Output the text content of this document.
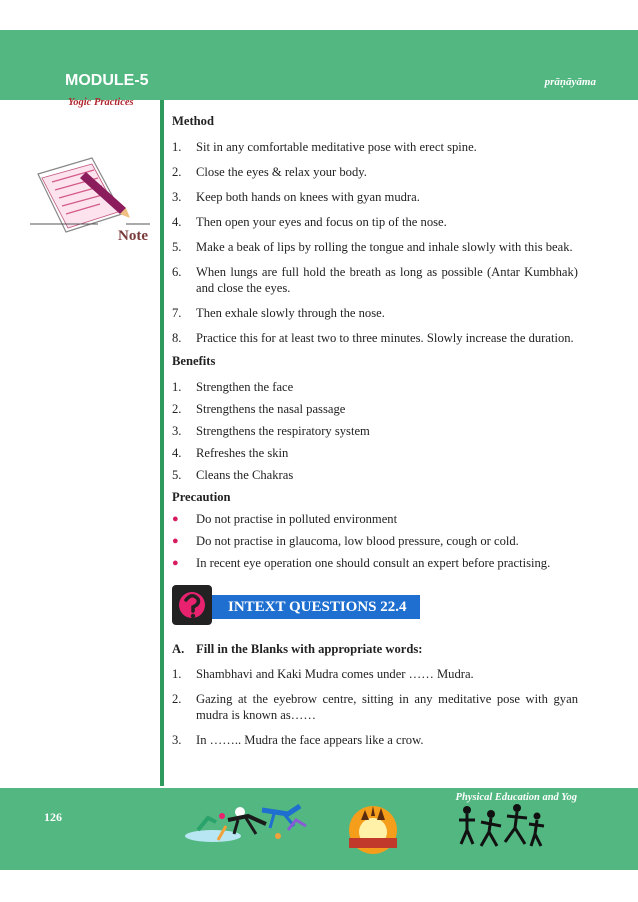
MODULE-5	prāṇāyāma
Yogic Practices
Note
Method
1.	Sit in any comfortable meditative pose with erect spine.
2.	Close the eyes & relax your body.
3.	Keep both hands on knees with gyan mudra.
4.	Then open your eyes and focus on tip of the nose.
5.	Make a beak of lips by rolling the tongue and inhale slowly with this beak.
6.	When lungs are full hold the breath as long as possible (Antar Kumbhak) and close the eyes.
7.	Then exhale slowly through the nose.
8.	Practice this for at least two to three minutes. Slowly increase the duration.
Benefits
1.	Strengthen the face
2.	Strengthens the nasal passage
3.	Strengthens the respiratory system
4.	Refreshes the skin
5.	Cleans the Chakras
Precaution
●	Do not practise in polluted environment
●	Do not practise in glaucoma, low blood pressure, cough or cold.
●	In recent eye operation one should consult an expert before practising.
INTEXT QUESTIONS 22.4
A. Fill in the Blanks with appropriate words:
1.	Shambhavi and Kaki Mudra comes under …… Mudra.
2.	Gazing at the eyebrow centre, sitting in any meditative pose with gyan mudra is known as……
3.	In …….. Mudra the face appears like a crow.
126
Physical Education and Yog
